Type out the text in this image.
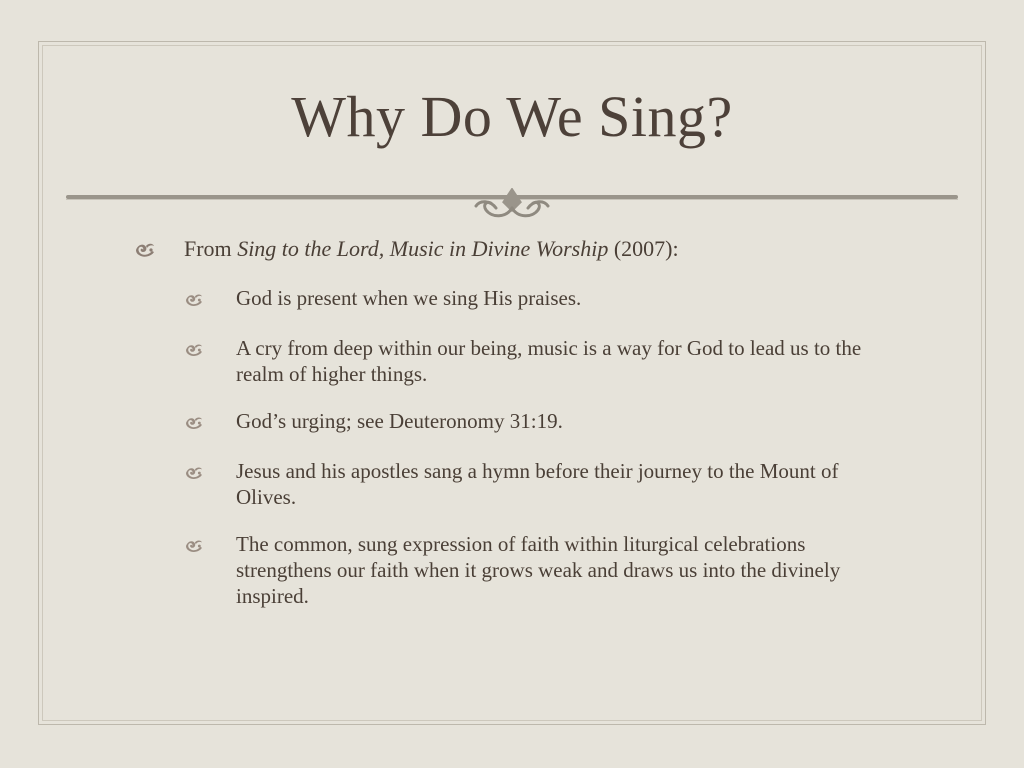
Why Do We Sing?
From Sing to the Lord, Music in Divine Worship (2007):
God is present when we sing His praises.
A cry from deep within our being, music is a way for God to lead us to the realm of higher things.
God’s urging; see Deuteronomy 31:19.
Jesus and his apostles sang a hymn before their journey to the Mount of Olives.
The common, sung expression of faith within liturgical celebrations strengthens our faith when it grows weak and draws us into the divinely inspired.
